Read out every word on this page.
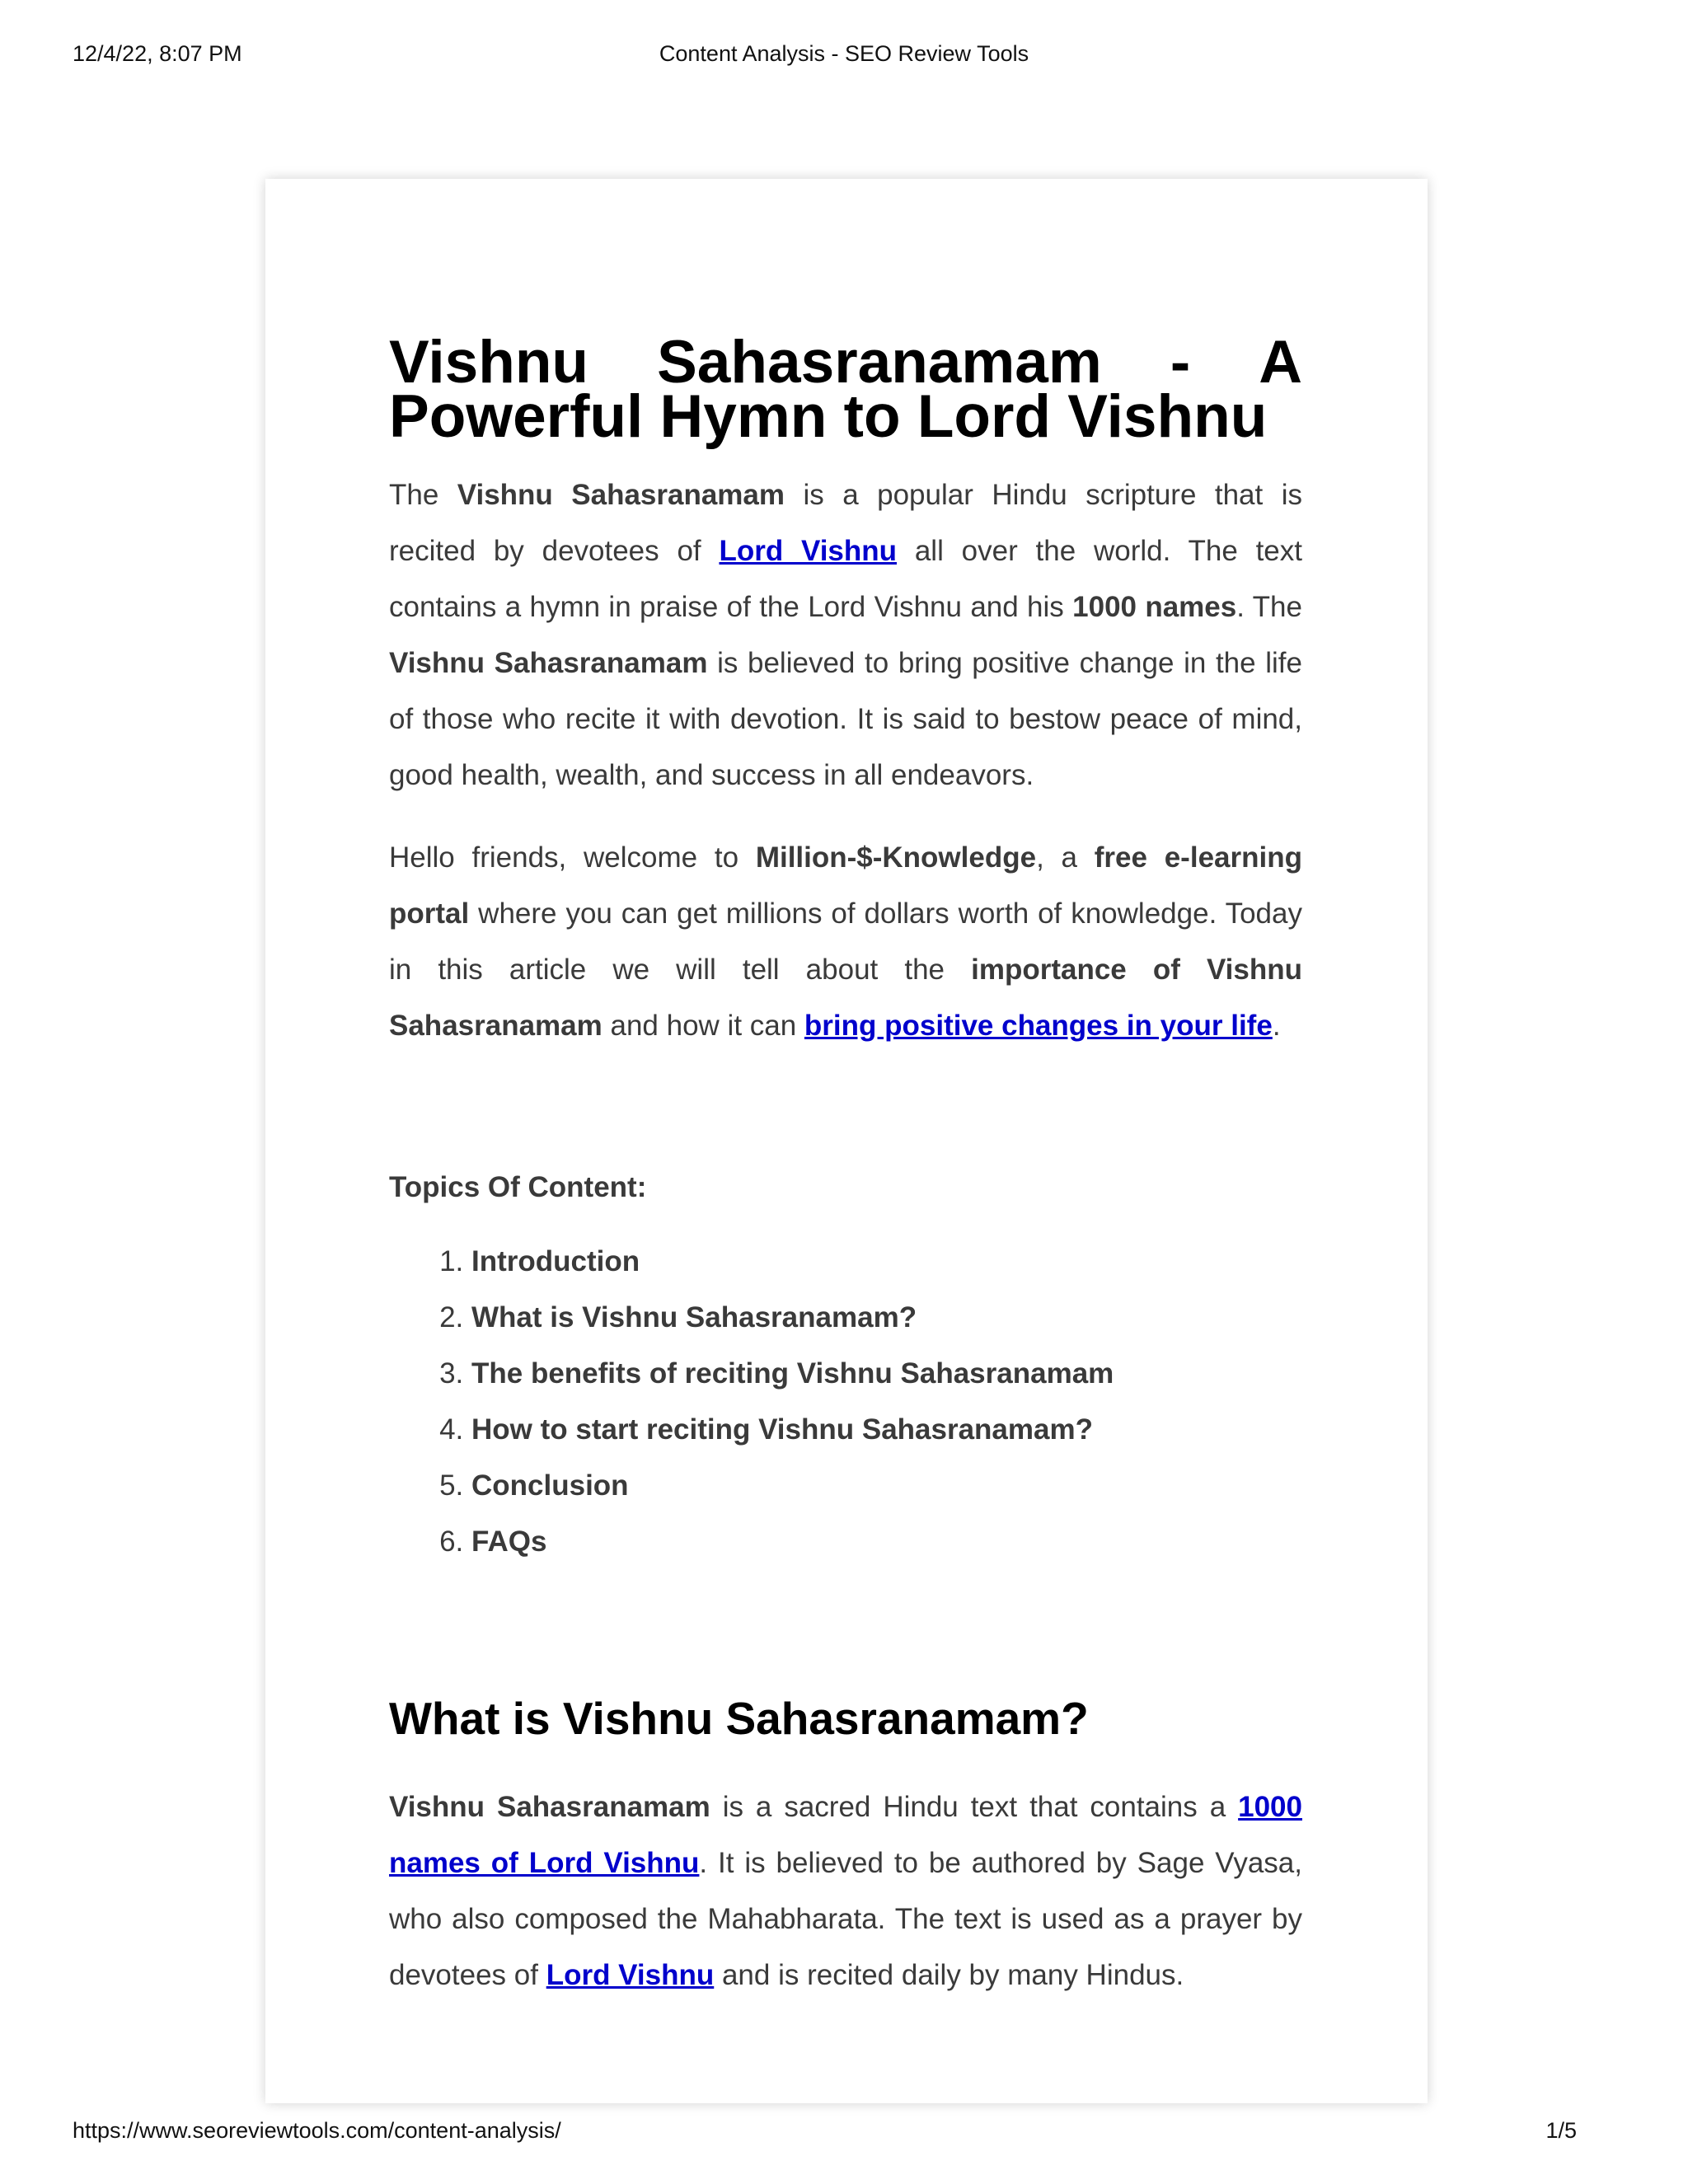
12/4/22, 8:07 PM	Content Analysis - SEO Review Tools
Vishnu Sahasranamam - A
Powerful Hymn to Lord Vishnu

The Vishnu Sahasranamam is a popular Hindu scripture that is recited by devotees of Lord Vishnu all over the world. The text contains a hymn in praise of the Lord Vishnu and his 1000 names. The Vishnu Sahasranamam is believed to bring positive change in the life of those who recite it with devotion. It is said to bestow peace of mind, good health, wealth, and success in all endeavors.

Hello friends, welcome to Million-$-Knowledge, a free e-learning portal where you can get millions of dollars worth of knowledge. Today in this article we will tell about the importance of Vishnu Sahasranamam and how it can bring positive changes in your life.

Topics Of Content:
1. Introduction
2. What is Vishnu Sahasranamam?
3. The benefits of reciting Vishnu Sahasranamam
4. How to start reciting Vishnu Sahasranamam?
5. Conclusion
6. FAQs
What is Vishnu Sahasranamam?

Vishnu Sahasranamam is a sacred Hindu text that contains a 1000 names of Lord Vishnu. It is believed to be authored by Sage Vyasa, who also composed the Mahabharata. The text is used as a prayer by devotees of Lord Vishnu and is recited daily by many Hindus.

https://www.seoreviewtools.com/content-analysis/	1/5
